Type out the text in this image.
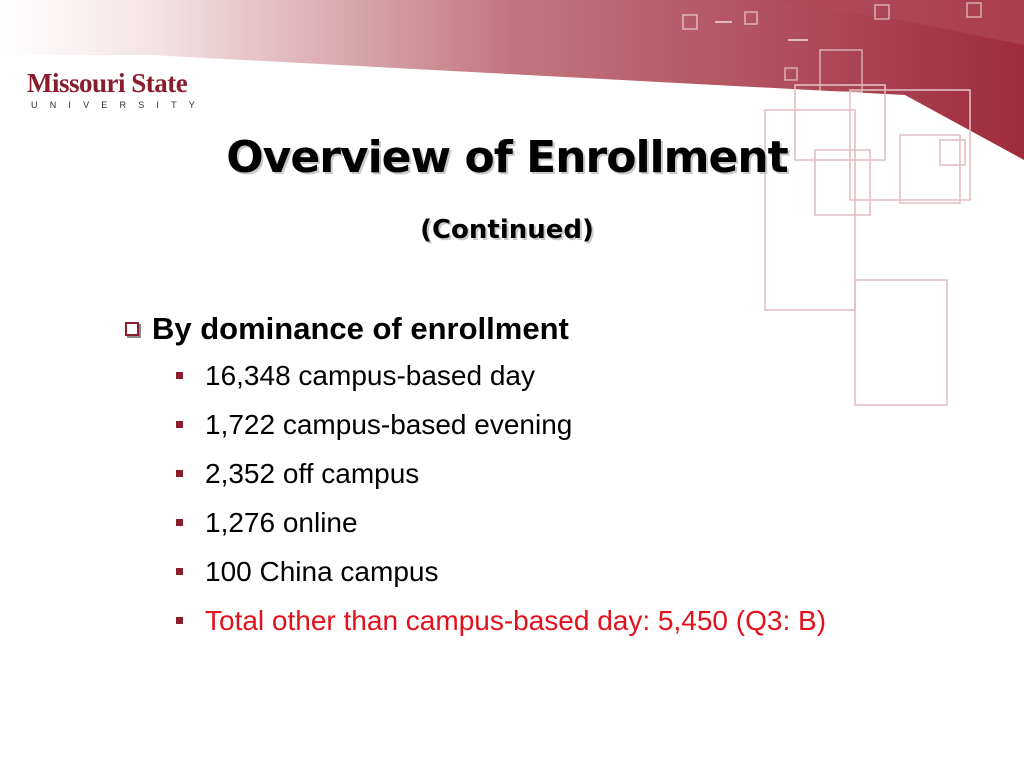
Missouri State
UNIVERSITY
Overview of Enrollment
(Continued)
By dominance of enrollment
16,348 campus-based day
1,722 campus-based evening
2,352 off campus
1,276 online
100 China campus
Total other than campus-based day: 5,450 (Q3: B)
